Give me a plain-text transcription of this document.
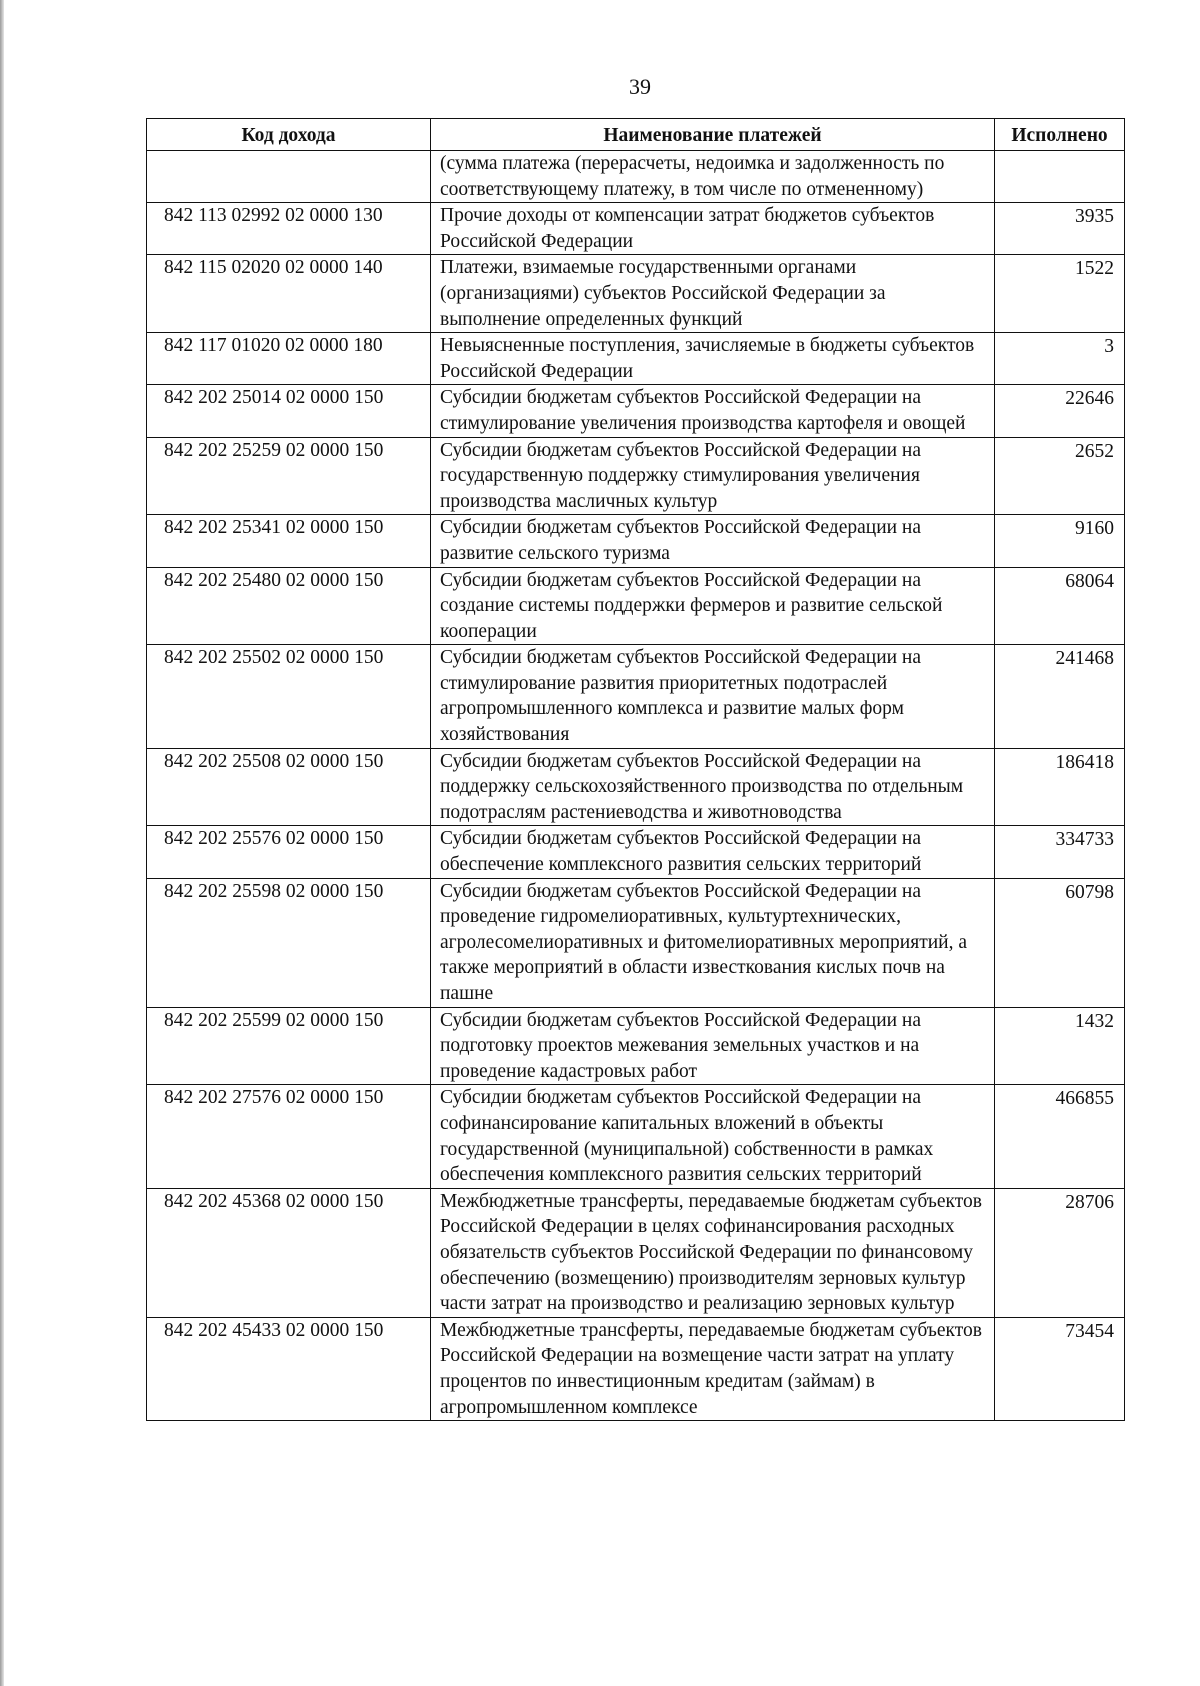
39
Код дохода	Наименование платежей	Исполнено
	(сумма платежа (перерасчеты, недоимка и задолженность по соответствующему платежу, в том числе по отмененному)	
842 113 02992 02 0000 130	Прочие доходы от компенсации затрат бюджетов субъектов Российской Федерации	3935
842 115 02020 02 0000 140	Платежи, взимаемые государственными органами (организациями) субъектов Российской Федерации за выполнение определенных функций	1522
842 117 01020 02 0000 180	Невыясненные поступления, зачисляемые в бюджеты субъектов Российской Федерации	3
842 202 25014 02 0000 150	Субсидии бюджетам субъектов Российской Федерации на стимулирование увеличения производства картофеля и овощей	22646
842 202 25259 02 0000 150	Субсидии бюджетам субъектов Российской Федерации на государственную поддержку стимулирования увеличения производства масличных культур	2652
842 202 25341 02 0000 150	Субсидии бюджетам субъектов Российской Федерации на развитие сельского туризма	9160
842 202 25480 02 0000 150	Субсидии бюджетам субъектов Российской Федерации на создание системы поддержки фермеров и развитие сельской кооперации	68064
842 202 25502 02 0000 150	Субсидии бюджетам субъектов Российской Федерации на стимулирование развития приоритетных подотраслей агропромышленного комплекса и развитие малых форм хозяйствования	241468
842 202 25508 02 0000 150	Субсидии бюджетам субъектов Российской Федерации на поддержку сельскохозяйственного производства по отдельным подотраслям растениеводства и животноводства	186418
842 202 25576 02 0000 150	Субсидии бюджетам субъектов Российской Федерации на обеспечение комплексного развития сельских территорий	334733
842 202 25598 02 0000 150	Субсидии бюджетам субъектов Российской Федерации на проведение гидромелиоративных, культуртехнических, агролесомелиоративных и фитомелиоративных мероприятий, а также мероприятий в области известкования кислых почв на пашне	60798
842 202 25599 02 0000 150	Субсидии бюджетам субъектов Российской Федерации на подготовку проектов межевания земельных участков и на проведение кадастровых работ	1432
842 202 27576 02 0000 150	Субсидии бюджетам субъектов Российской Федерации на софинансирование капитальных вложений в объекты государственной (муниципальной) собственности в рамках обеспечения комплексного развития сельских территорий	466855
842 202 45368 02 0000 150	Межбюджетные трансферты, передаваемые бюджетам субъектов Российской Федерации в целях софинансирования расходных обязательств субъектов Российской Федерации по финансовому обеспечению (возмещению) производителям зерновых культур части затрат на производство и реализацию зерновых культур	28706
842 202 45433 02 0000 150	Межбюджетные трансферты, передаваемые бюджетам субъектов Российской Федерации на возмещение части затрат на уплату процентов по инвестиционным кредитам (займам) в агропромышленном комплексе	73454
